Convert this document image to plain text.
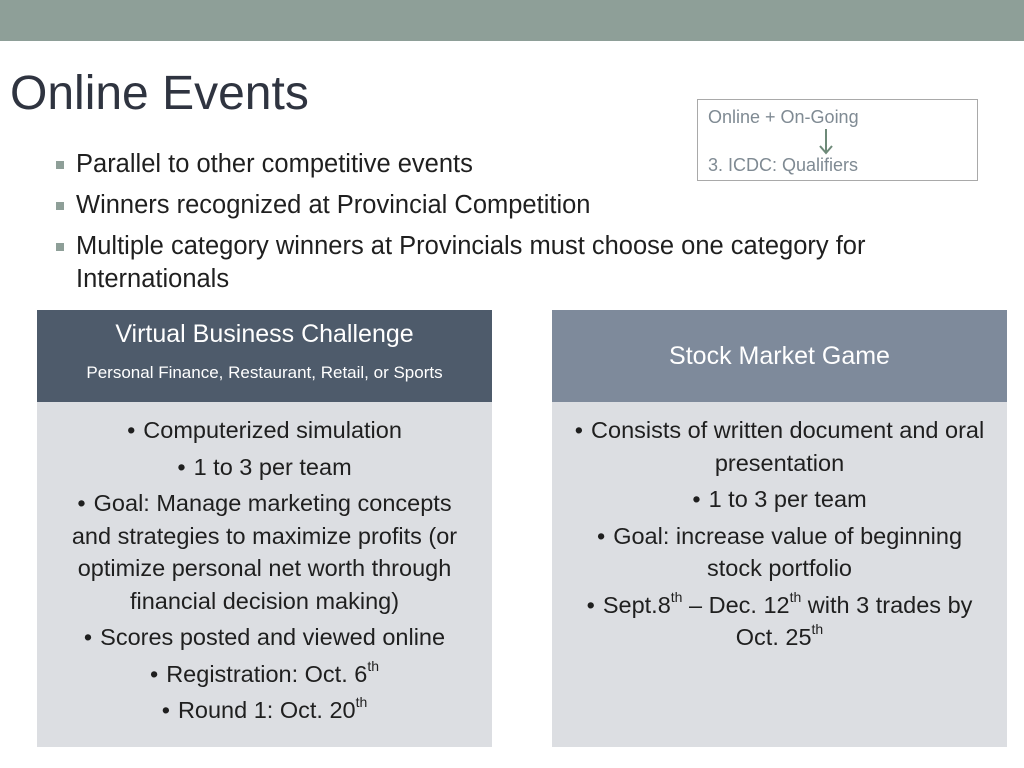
Online Events	Online + On-Going
3. ICDC: Qualifiers
Parallel to other competitive events
Winners recognized at Provincial Competition
Multiple category winners at Provincials must choose one category for Internationals
Virtual Business Challenge
Personal Finance, Restaurant, Retail, or Sports
• Computerized simulation
• 1 to 3 per team
• Goal: Manage marketing concepts and strategies to maximize profits (or optimize personal net worth through financial decision making)
• Scores posted and viewed online
• Registration: Oct. 6th
• Round 1: Oct. 20th
Stock Market Game
• Consists of written document and oral presentation
• 1 to 3 per team
• Goal: increase value of beginning stock portfolio
• Sept.8th – Dec. 12th with 3 trades by Oct. 25th
